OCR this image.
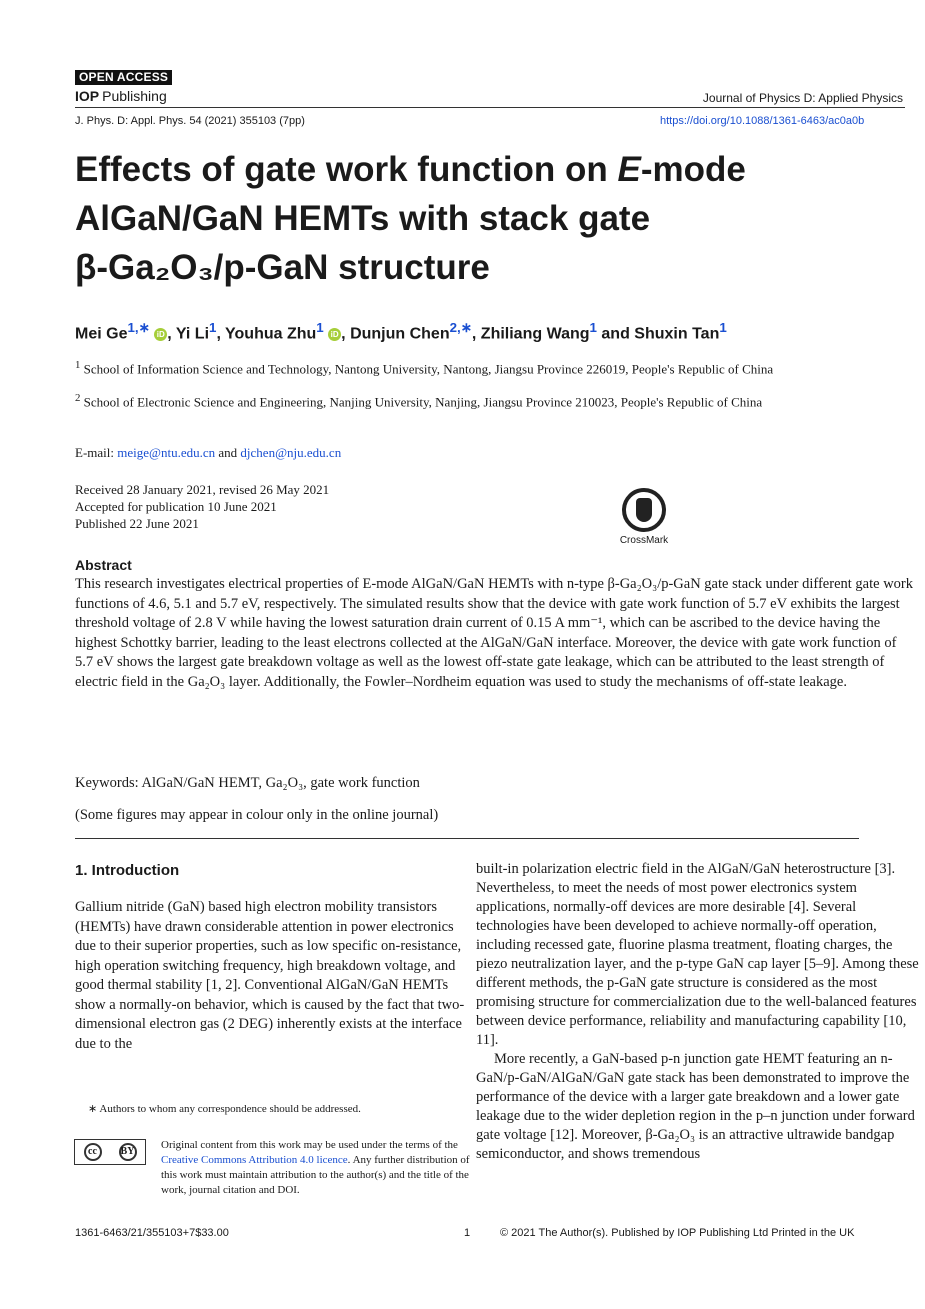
OPEN ACCESS
IOP Publishing	Journal of Physics D: Applied Physics
J. Phys. D: Appl. Phys. 54 (2021) 355103 (7pp)	https://doi.org/10.1088/1361-6463/ac0a0b
Effects of gate work function on E-mode
AlGaN/GaN HEMTs with stack gate
β-Ga₂O₃/p-GaN structure
Mei $Ge^{1,∗}$ iD , Yi Li$^1$, Youhua Zhu$^1$ iD , Dunjun Chen$^{2,∗}$, Zhiliang Wang$^1$ and Shuxin Tan$^1$
$^1$ School of Information Science and Technology, Nantong University, Nantong, Jiangsu Province 226019, People's Republic of China
$^2$ School of Electronic Science and Engineering, Nanjing University, Nanjing, Jiangsu Province 210023, People's Republic of China
E-mail: meige@ntu.edu.cn and djchen@nju.edu.cn
Received 28 January 2021, revised 26 May 2021
Accepted for publication 10 June 2021
Published 22 June 2021
CrossMark
Abstract
This research investigates electrical properties of E-mode AlGaN/GaN HEMTs with n-type β-Ga₂O₃/p-GaN gate stack under different gate work functions of 4.6, 5.1 and 5.7 eV, respectively. The simulated results show that the device with gate work function of 5.7 eV exhibits the largest threshold voltage of 2.8 V while having the lowest saturation drain current of 0.15 A mm⁻¹, which can be ascribed to the device having the highest Schottky barrier, leading to the least electrons collected at the AlGaN/GaN interface. Moreover, the device with gate work function of 5.7 eV shows the largest gate breakdown voltage as well as the lowest off-state gate leakage, which can be attributed to the least strength of electric field in the Ga₂O₃ layer. Additionally, the Fowler–Nordheim equation was used to study the mechanisms of off-state leakage.
Keywords: AlGaN/GaN HEMT, Ga₂O₃, gate work function
(Some figures may appear in colour only in the online journal)
1. Introduction
Gallium nitride (GaN) based high electron mobility transistors (HEMTs) have drawn considerable attention in power electronics due to their superior properties, such as low specific on-resistance, high operation switching frequency, high breakdown voltage, and good thermal stability [1, 2]. Conventional AlGaN/GaN HEMTs show a normally-on behavior, which is caused by the fact that two-dimensional electron gas (2 DEG) inherently exists at the interface due to the
built-in polarization electric field in the AlGaN/GaN heterostructure [3]. Nevertheless, to meet the needs of most power electronics system applications, normally-off devices are more desirable [4]. Several technologies have been developed to achieve normally-off operation, including recessed gate, fluorine plasma treatment, floating charges, the piezo neutralization layer, and the p-type GaN cap layer [5–9]. Among these different methods, the p-GaN gate structure is considered as the most promising structure for commercialization due to the well-balanced features between device performance, reliability and manufacturing capability [10, 11].
More recently, a GaN-based p-n junction gate HEMT featuring an n-GaN/p-GaN/AlGaN/GaN gate stack has been demonstrated to improve the performance of the device with a larger gate breakdown and a lower gate leakage due to the wider depletion region in the p–n junction under forward gate voltage [12]. Moreover, β-Ga₂O₃ is an attractive ultrawide bandgap semiconductor, and shows tremendous
∗ Authors to whom any correspondence should be addressed.
cc	BY
Original content from this work may be used under the terms of the Creative Commons Attribution 4.0 licence. Any further distribution of this work must maintain attribution to the author(s) and the title of the work, journal citation and DOI.
1361-6463/21/355103+7$33.00	1	© 2021 The Author(s). Published by IOP Publishing Ltd Printed in the UK
